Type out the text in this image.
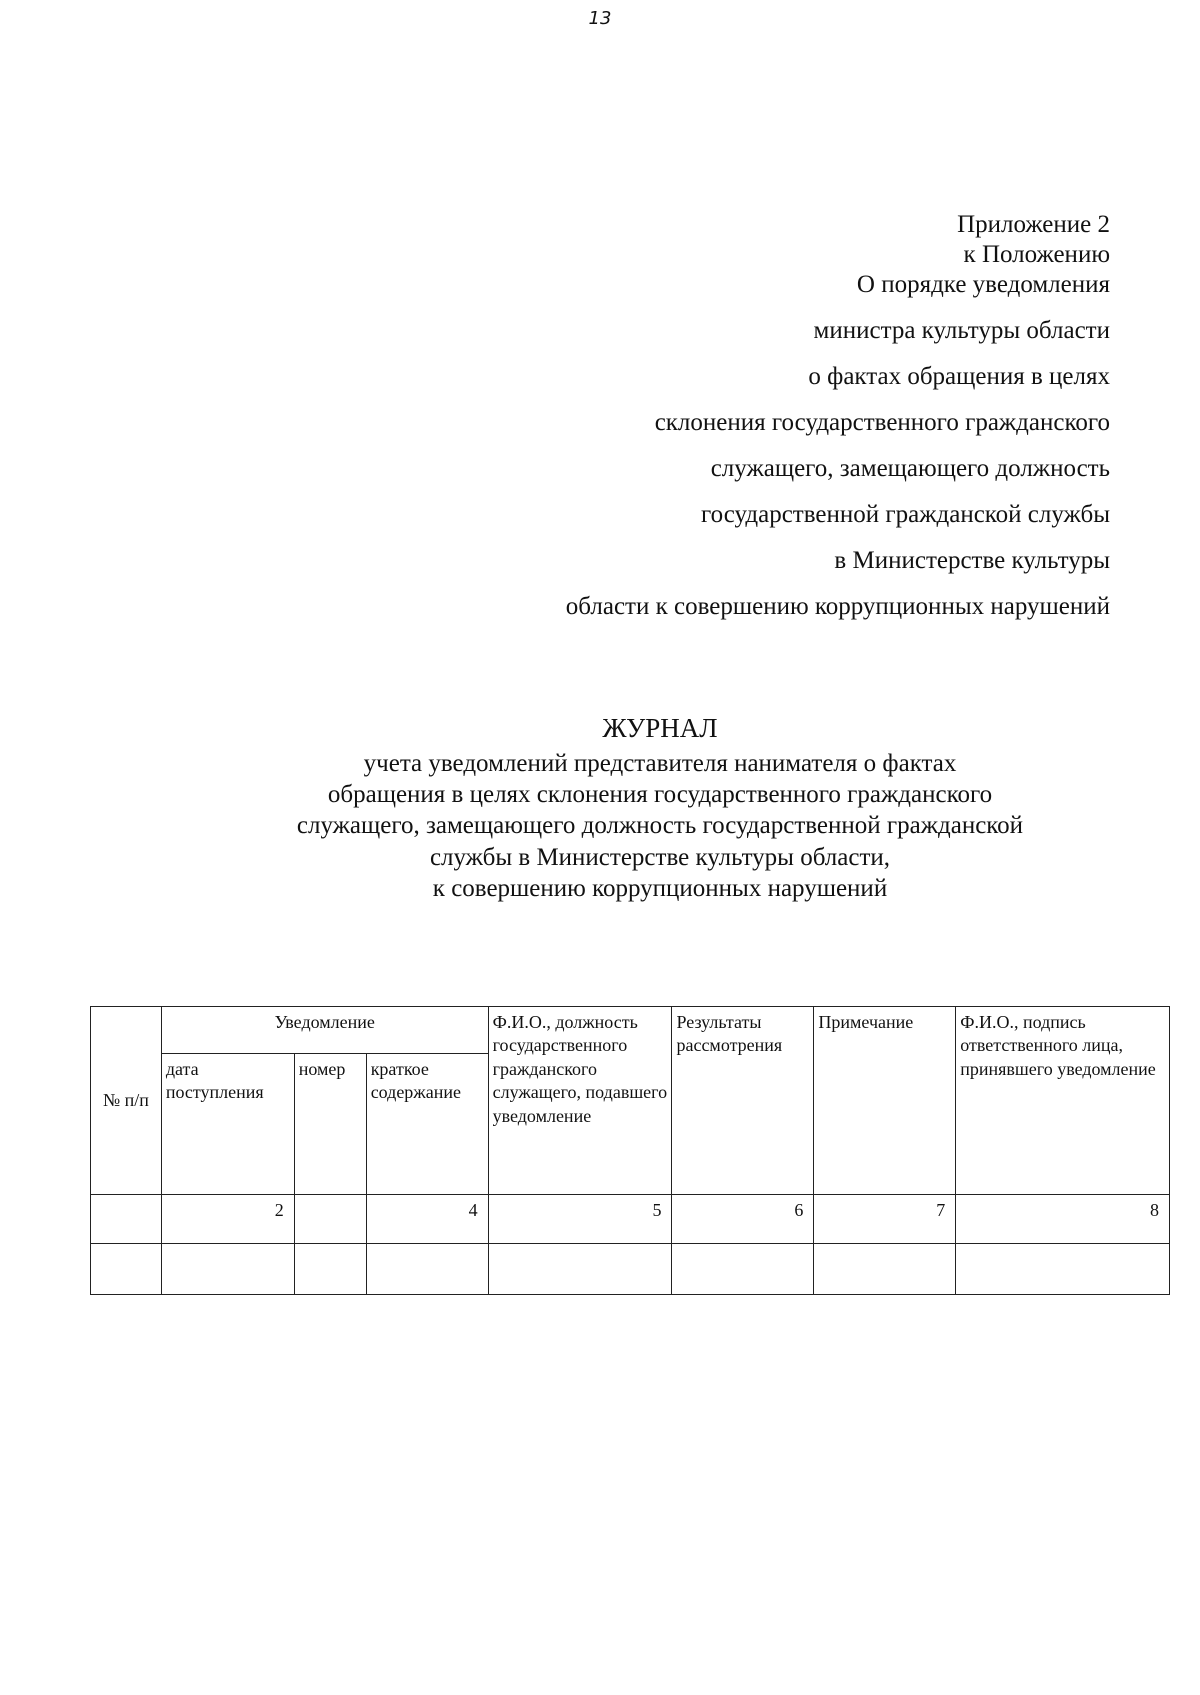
13
Приложение 2
к Положению
О порядке уведомления
министра культуры области
о фактах обращения в целях
склонения государственного гражданского
служащего, замещающего должность
государственной гражданской службы
в Министерстве культуры
области к совершению коррупционных нарушений
ЖУРНАЛ
учета уведомлений представителя нанимателя о фактах
обращения в целях склонения государственного гражданского
служащего, замещающего должность государственной гражданской
службы в Министерстве культуры области,
к совершению коррупционных нарушений
№ п/п	Уведомление			Ф.И.О., должность государственного гражданского служащего, подавшего уведомление	Результаты рассмотрения	Примечание	Ф.И.О., подпись ответственного лица, принявшего уведомление
	дата поступления	номер	краткое содержание				
	2		4	5	6	7	8
